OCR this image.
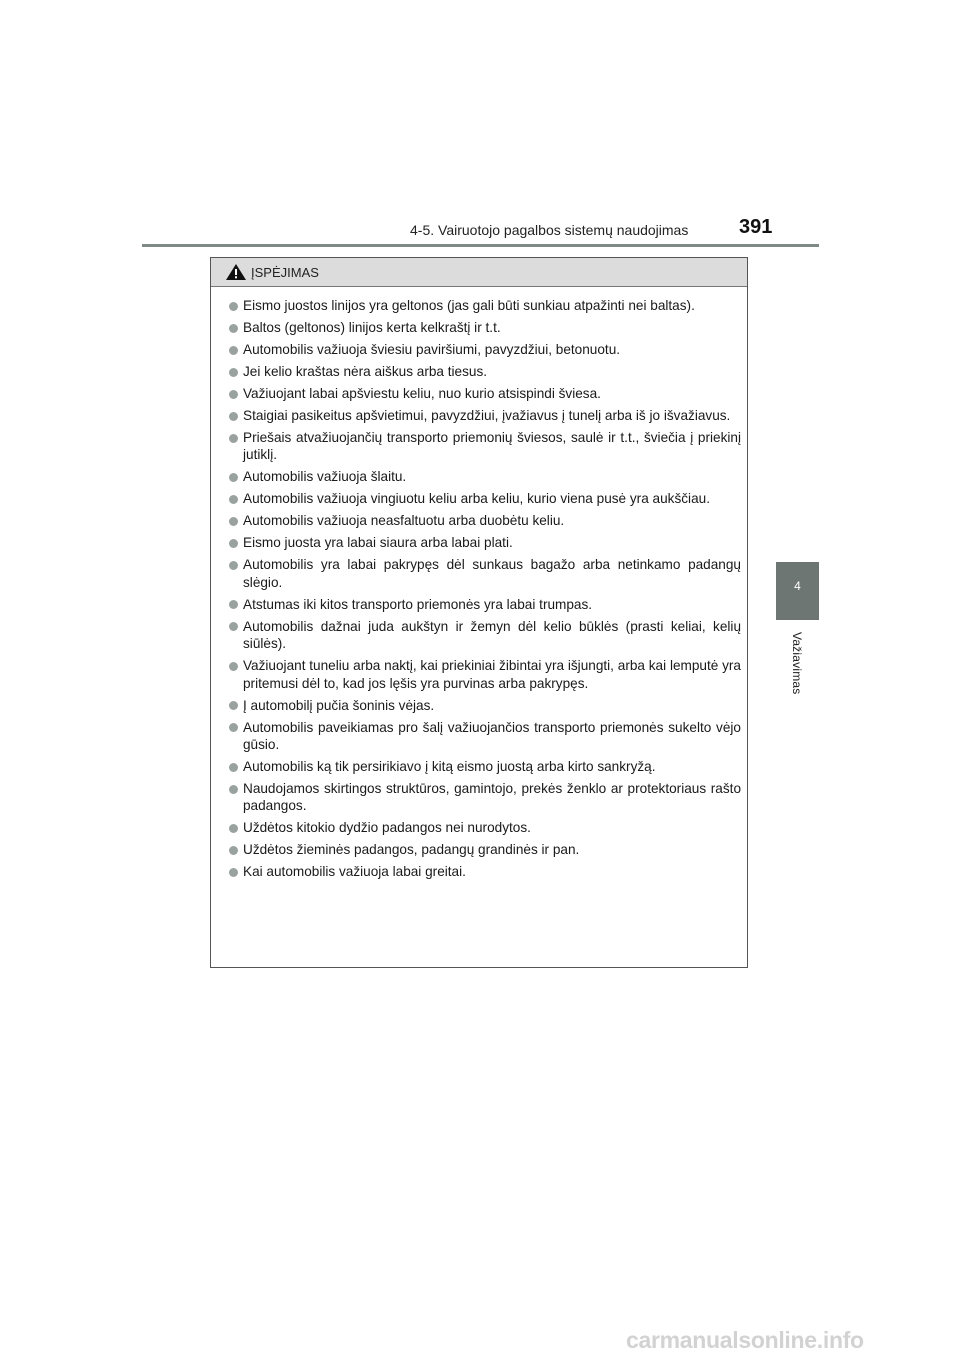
4-5. Vairuotojo pagalbos sistemų naudojimas	391
4
Važiavimas
ĮSPĖJIMAS
Eismo juostos linijos yra geltonos (jas gali būti sunkiau atpažinti nei baltas).
Baltos (geltonos) linijos kerta kelkraštį ir t.t.
Automobilis važiuoja šviesiu paviršiumi, pavyzdžiui, betonuotu.
Jei kelio kraštas nėra aiškus arba tiesus.
Važiuojant labai apšviestu keliu, nuo kurio atsispindi šviesa.
Staigiai pasikeitus apšvietimui, pavyzdžiui, įvažiavus į tunelį arba iš jo išvažiavus.
Priešais atvažiuojančių transporto priemonių šviesos, saulė ir t.t., šviečia į priekinį jutiklį.
Automobilis važiuoja šlaitu.
Automobilis važiuoja vingiuotu keliu arba keliu, kurio viena pusė yra aukščiau.
Automobilis važiuoja neasfaltuotu arba duobėtu keliu.
Eismo juosta yra labai siaura arba labai plati.
Automobilis yra labai pakrypęs dėl sunkaus bagažo arba netinkamo padangų slėgio.
Atstumas iki kitos transporto priemonės yra labai trumpas.
Automobilis dažnai juda aukštyn ir žemyn dėl kelio būklės (prasti keliai, kelių siūlės).
Važiuojant tuneliu arba naktį, kai priekiniai žibintai yra išjungti, arba kai lemputė yra pritemusi dėl to, kad jos lęšis yra purvinas arba pakrypęs.
Į automobilį pučia šoninis vėjas.
Automobilis paveikiamas pro šalį važiuojančios transporto priemonės sukelto vėjo gūsio.
Automobilis ką tik persirikiavo į kitą eismo juostą arba kirto sankryžą.
Naudojamos skirtingos struktūros, gamintojo, prekės ženklo ar protektoriaus rašto padangos.
Uždėtos kitokio dydžio padangos nei nurodytos.
Uždėtos žieminės padangos, padangų grandinės ir pan.
Kai automobilis važiuoja labai greitai.
carmanualsonline.info
